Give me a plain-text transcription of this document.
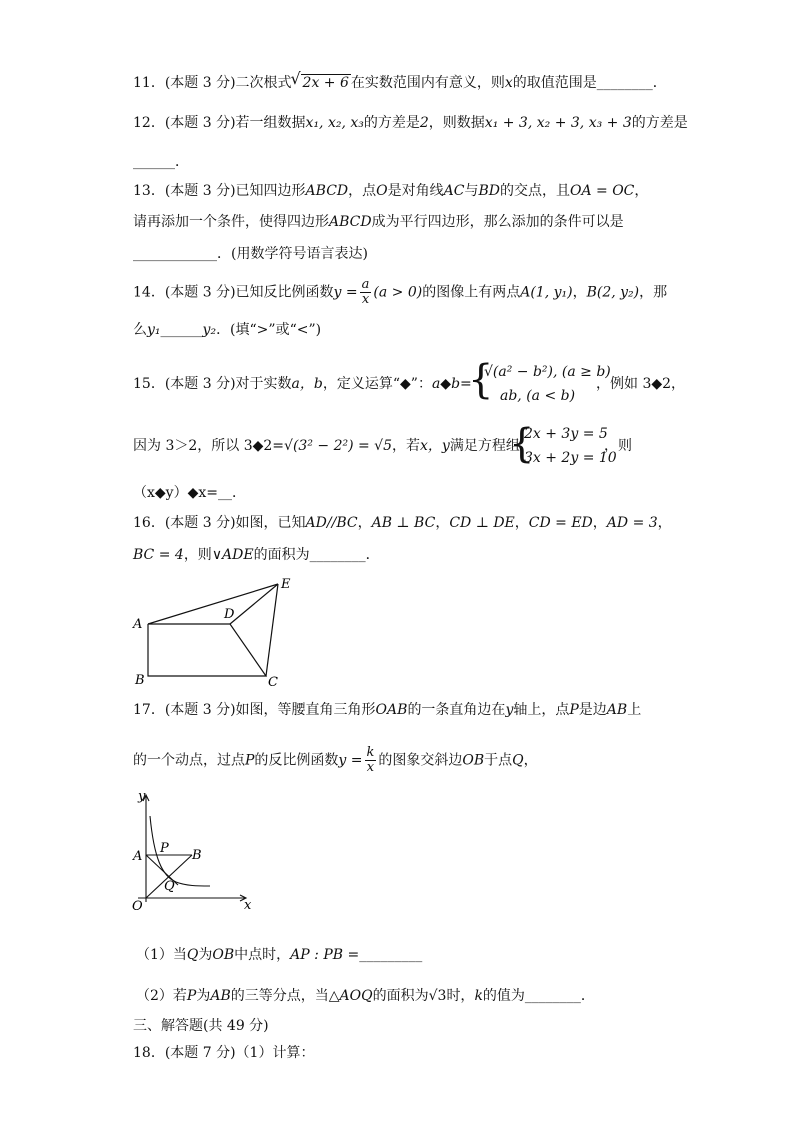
11．(本题 3 分)二次根式√ 2x + 6 在实数范围内有意义，则x的取值范围是________．
12．(本题 3 分)若一组数据x₁, x₂, x₃的方差是2，则数据x₁ + 3, x₂ + 3, x₃ + 3的方差是
______．
13．(本题 3 分)已知四边形ABCD，点O是对角线AC与BD的交点，且OA = OC，
请再添加一个条件，使得四边形ABCD成为平行四边形，那么添加的条件可以是
____________．(用数学符号语言表达)
14．(本题 3 分)已知反比例函数$y = \frac{a}{x} (a > 0)$的图像上有两点A(1, y₁)，B(2, y₂)，那
么y₁______y₂．(填“>”或“<”)
15．(本题 3 分)对于实数a，b，定义运算“◆”：a◆b=
{
√(a² − b²), (a ≥ b)
ab, (a < b)
，例如 3◆2，
因为 3＞2，所以 3◆2=√(3² − 2²) = √5，若x，y满足方程组
{
2x + 3y = 5
3x + 2y = 10
，则
（x◆y）◆x=__．
16．(本题 3 分)如图，已知AD//BC，AB ⊥ BC，CD ⊥ DE，CD = ED，AD = 3，
BC = 4，则∨ADE的面积为________．
A
B	C
D
E
17．(本题 3 分)如图，等腰直角三角形OAB的一条直角边在y轴上，点P是边AB上
的一个动点，过点P的反比例函数$y = \frac{k}{x}$ 的图象交斜边OB于点Q，
y
A
P B
Q
O	x
（1）当Q为OB中点时，AP : PB =_________
（2）若P为AB的三等分点，当△AOQ的面积为√3时，k的值为________．
三、解答题(共 49 分)
18．(本题 7 分)（1）计算：
